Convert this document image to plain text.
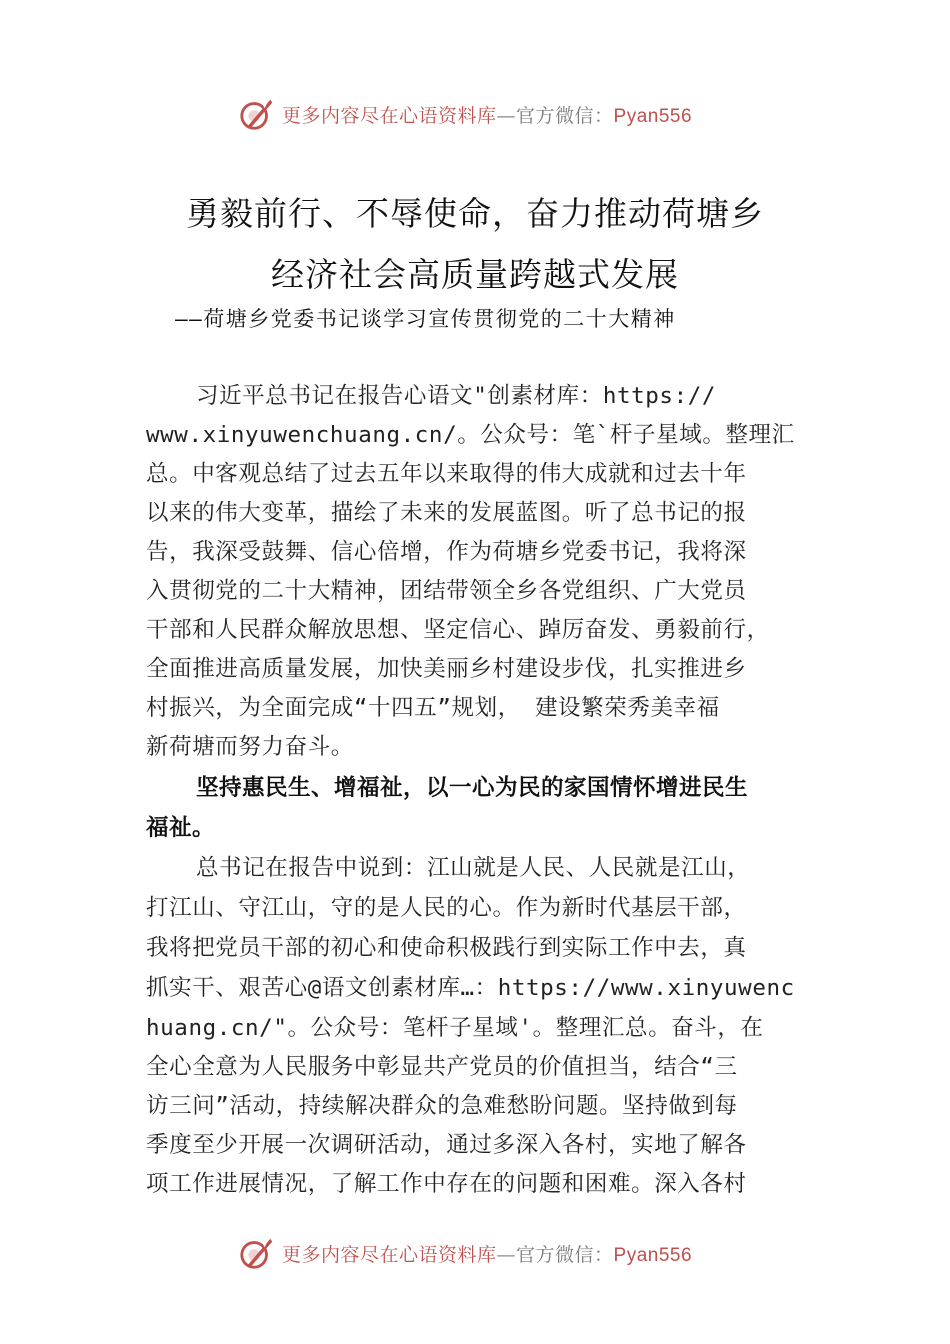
更多内容尽在心语资料库—官方微信：Pyan556
勇毅前行、不辱使命，奋力推动荷塘乡
经济社会高质量跨越式发展
——荷塘乡党委书记谈学习宣传贯彻党的二十大精神
习近平总书记在报告心语文"创素材库：https://
www.xinyuwenchuang.cn/。公众号：笔`杆子星域。整理汇
总。中客观总结了过去五年以来取得的伟大成就和过去十年
以来的伟大变革，描绘了未来的发展蓝图。听了总书记的报
告，我深受鼓舞、信心倍增，作为荷塘乡党委书记，我将深
入贯彻党的二十大精神，团结带领全乡各党组织、广大党员
干部和人民群众解放思想、坚定信心、踔厉奋发、勇毅前行，
全面推进高质量发展，加快美丽乡村建设步伐，扎实推进乡
村振兴，为全面完成“十四五”规划， 建设繁荣秀美幸福
新荷塘而努力奋斗。
坚持惠民生、增福祉，以一心为民的家国情怀增进民生
福祉。
总书记在报告中说到：江山就是人民、人民就是江山，
打江山、守江山，守的是人民的心。作为新时代基层干部，
我将把党员干部的初心和使命积极践行到实际工作中去，真
抓实干、艰苦心@语文创素材库…：https://www.xinyuwenc
huang.cn/"。公众号：笔杆子星域'。整理汇总。奋斗，在
全心全意为人民服务中彰显共产党员的价值担当，结合“三
访三问”活动，持续解决群众的急难愁盼问题。坚持做到每
季度至少开展一次调研活动，通过多深入各村，实地了解各
项工作进展情况，了解工作中存在的问题和困难。深入各村
更多内容尽在心语资料库—官方微信：Pyan556
